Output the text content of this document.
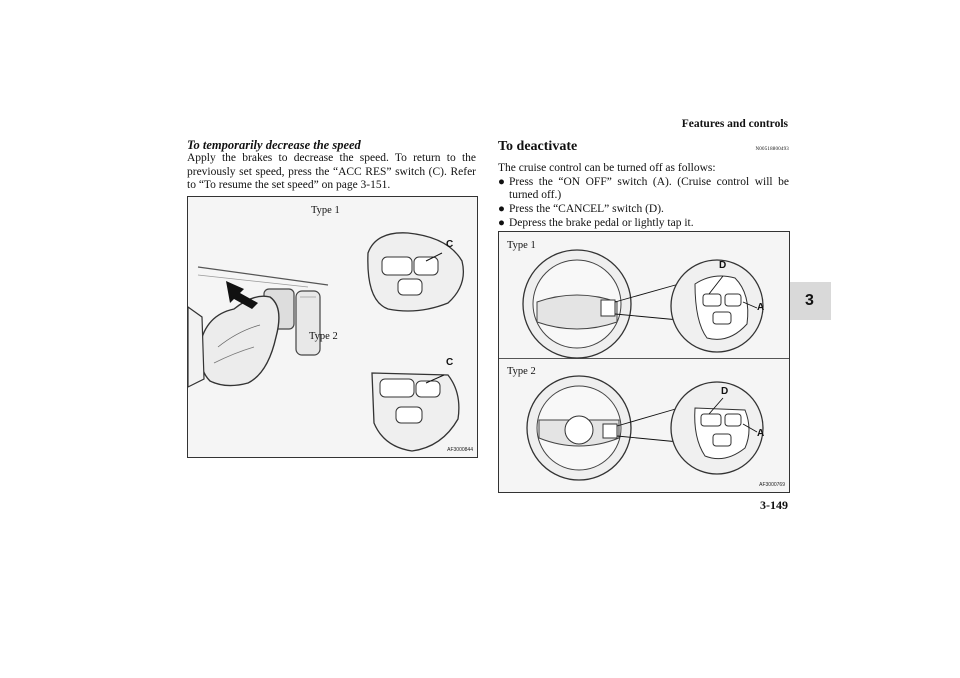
Features and controls
3
3-149
To temporarily decrease the speed

Apply the brakes to decrease the speed. To return to the previously set speed, press the “ACC RES” switch (C). Refer to “To resume the set speed” on page 3-151.

Type 1
Type 2
C
C
AF3000844
To deactivate	N00518800493

The cruise control can be turned off as follows:

● Press the “ON OFF” switch (A). (Cruise control will be turned off.)
● Press the “CANCEL” switch (D).
● Depress the brake pedal or lightly tap it.
Type 1
Type 2
D
A
D
A
AF3000769
